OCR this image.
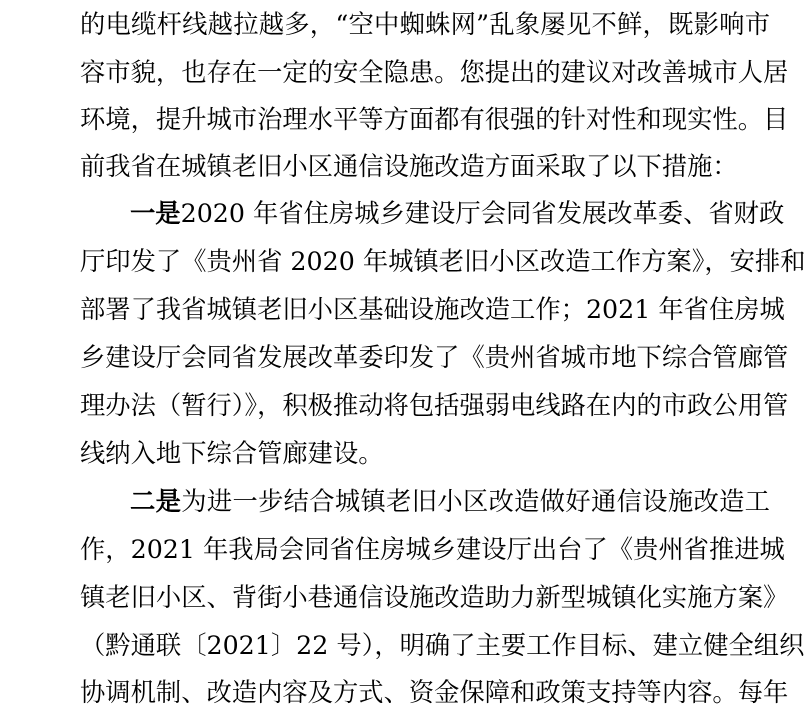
的电缆杆线越拉越多，“空中蜘蛛网”乱象屡见不鲜，既影响市
容市貌，也存在一定的安全隐患。您提出的建议对改善城市人居
环境，提升城市治理水平等方面都有很强的针对性和现实性。目
前我省在城镇老旧小区通信设施改造方面采取了以下措施：
一是2020 年省住房城乡建设厅会同省发展改革委、省财政
厅印发了《贵州省 2020 年城镇老旧小区改造工作方案》，安排和
部署了我省城镇老旧小区基础设施改造工作；2021 年省住房城
乡建设厅会同省发展改革委印发了《贵州省城市地下综合管廊管
理办法（暂行）》，积极推动将包括强弱电线路在内的市政公用管
线纳入地下综合管廊建设。
二是为进一步结合城镇老旧小区改造做好通信设施改造工
作，2021 年我局会同省住房城乡建设厅出台了《贵州省推进城
镇老旧小区、背街小巷通信设施改造助力新型城镇化实施方案》
（黔通联〔2021〕22 号），明确了主要工作目标、建立健全组织
协调机制、改造内容及方式、资金保障和政策支持等内容。每年
